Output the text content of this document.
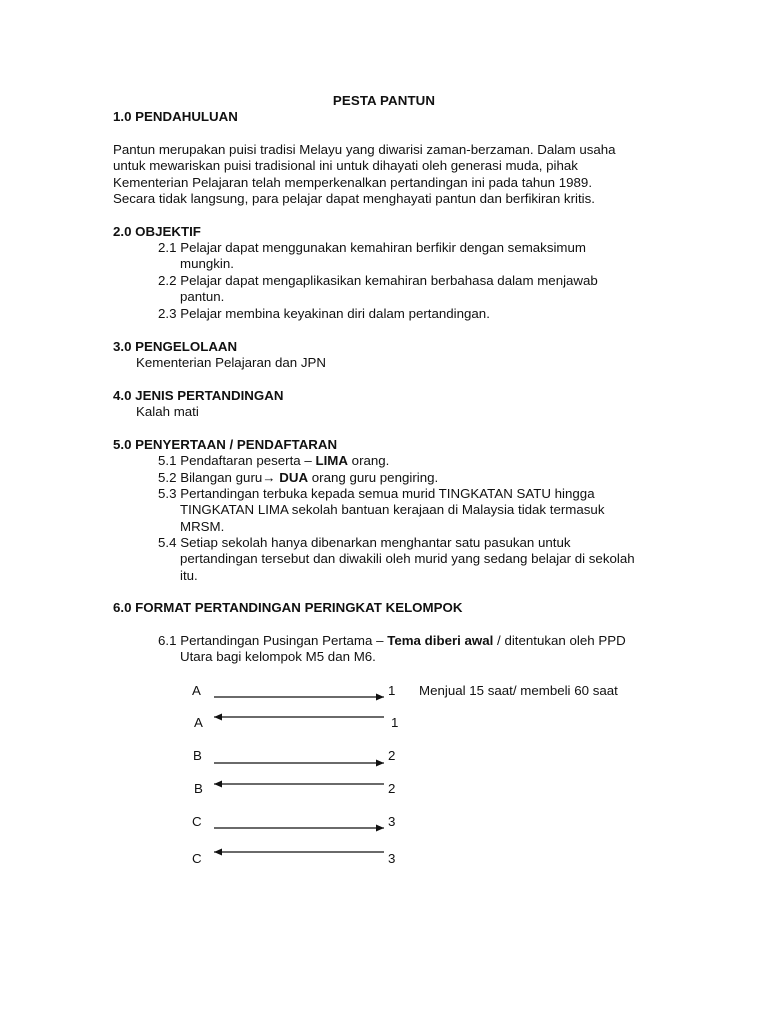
PESTA PANTUN
1.0 PENDAHULUAN
Pantun merupakan puisi tradisi Melayu yang diwarisi zaman-berzaman. Dalam usaha
untuk mewariskan puisi tradisional ini untuk dihayati oleh generasi muda, pihak
Kementerian Pelajaran telah memperkenalkan pertandingan ini pada tahun 1989.
Secara tidak langsung, para pelajar dapat menghayati pantun dan berfikiran kritis.
2.0 OBJEKTIF
2.1 Pelajar dapat menggunakan kemahiran berfikir dengan semaksimum
mungkin.
2.2 Pelajar dapat mengaplikasikan kemahiran berbahasa dalam menjawab
pantun.
2.3 Pelajar membina keyakinan diri dalam pertandingan.
3.0 PENGELOLAAN
Kementerian Pelajaran dan JPN
4.0 JENIS PERTANDINGAN
Kalah mati
5.0 PENYERTAAN / PENDAFTARAN
5.1 Pendaftaran peserta – LIMA orang.
5.2 Bilangan guru→ DUA orang guru pengiring.
5.3 Pertandingan terbuka kepada semua murid TINGKATAN SATU hingga
TINGKATAN LIMA sekolah bantuan kerajaan di Malaysia tidak termasuk
MRSM.
5.4 Setiap sekolah hanya dibenarkan menghantar satu pasukan untuk
pertandingan tersebut dan diwakili oleh murid yang sedang belajar di sekolah
itu.
6.0 FORMAT PERTANDINGAN PERINGKAT KELOMPOK
6.1 Pertandingan Pusingan Pertama – Tema diberi awal / ditentukan oleh PPD
Utara bagi kelompok M5 dan M6.
A	1 Menjual 15 saat/ membeli 60 saat
A	1
B	2
B	2
C	3
C	3
